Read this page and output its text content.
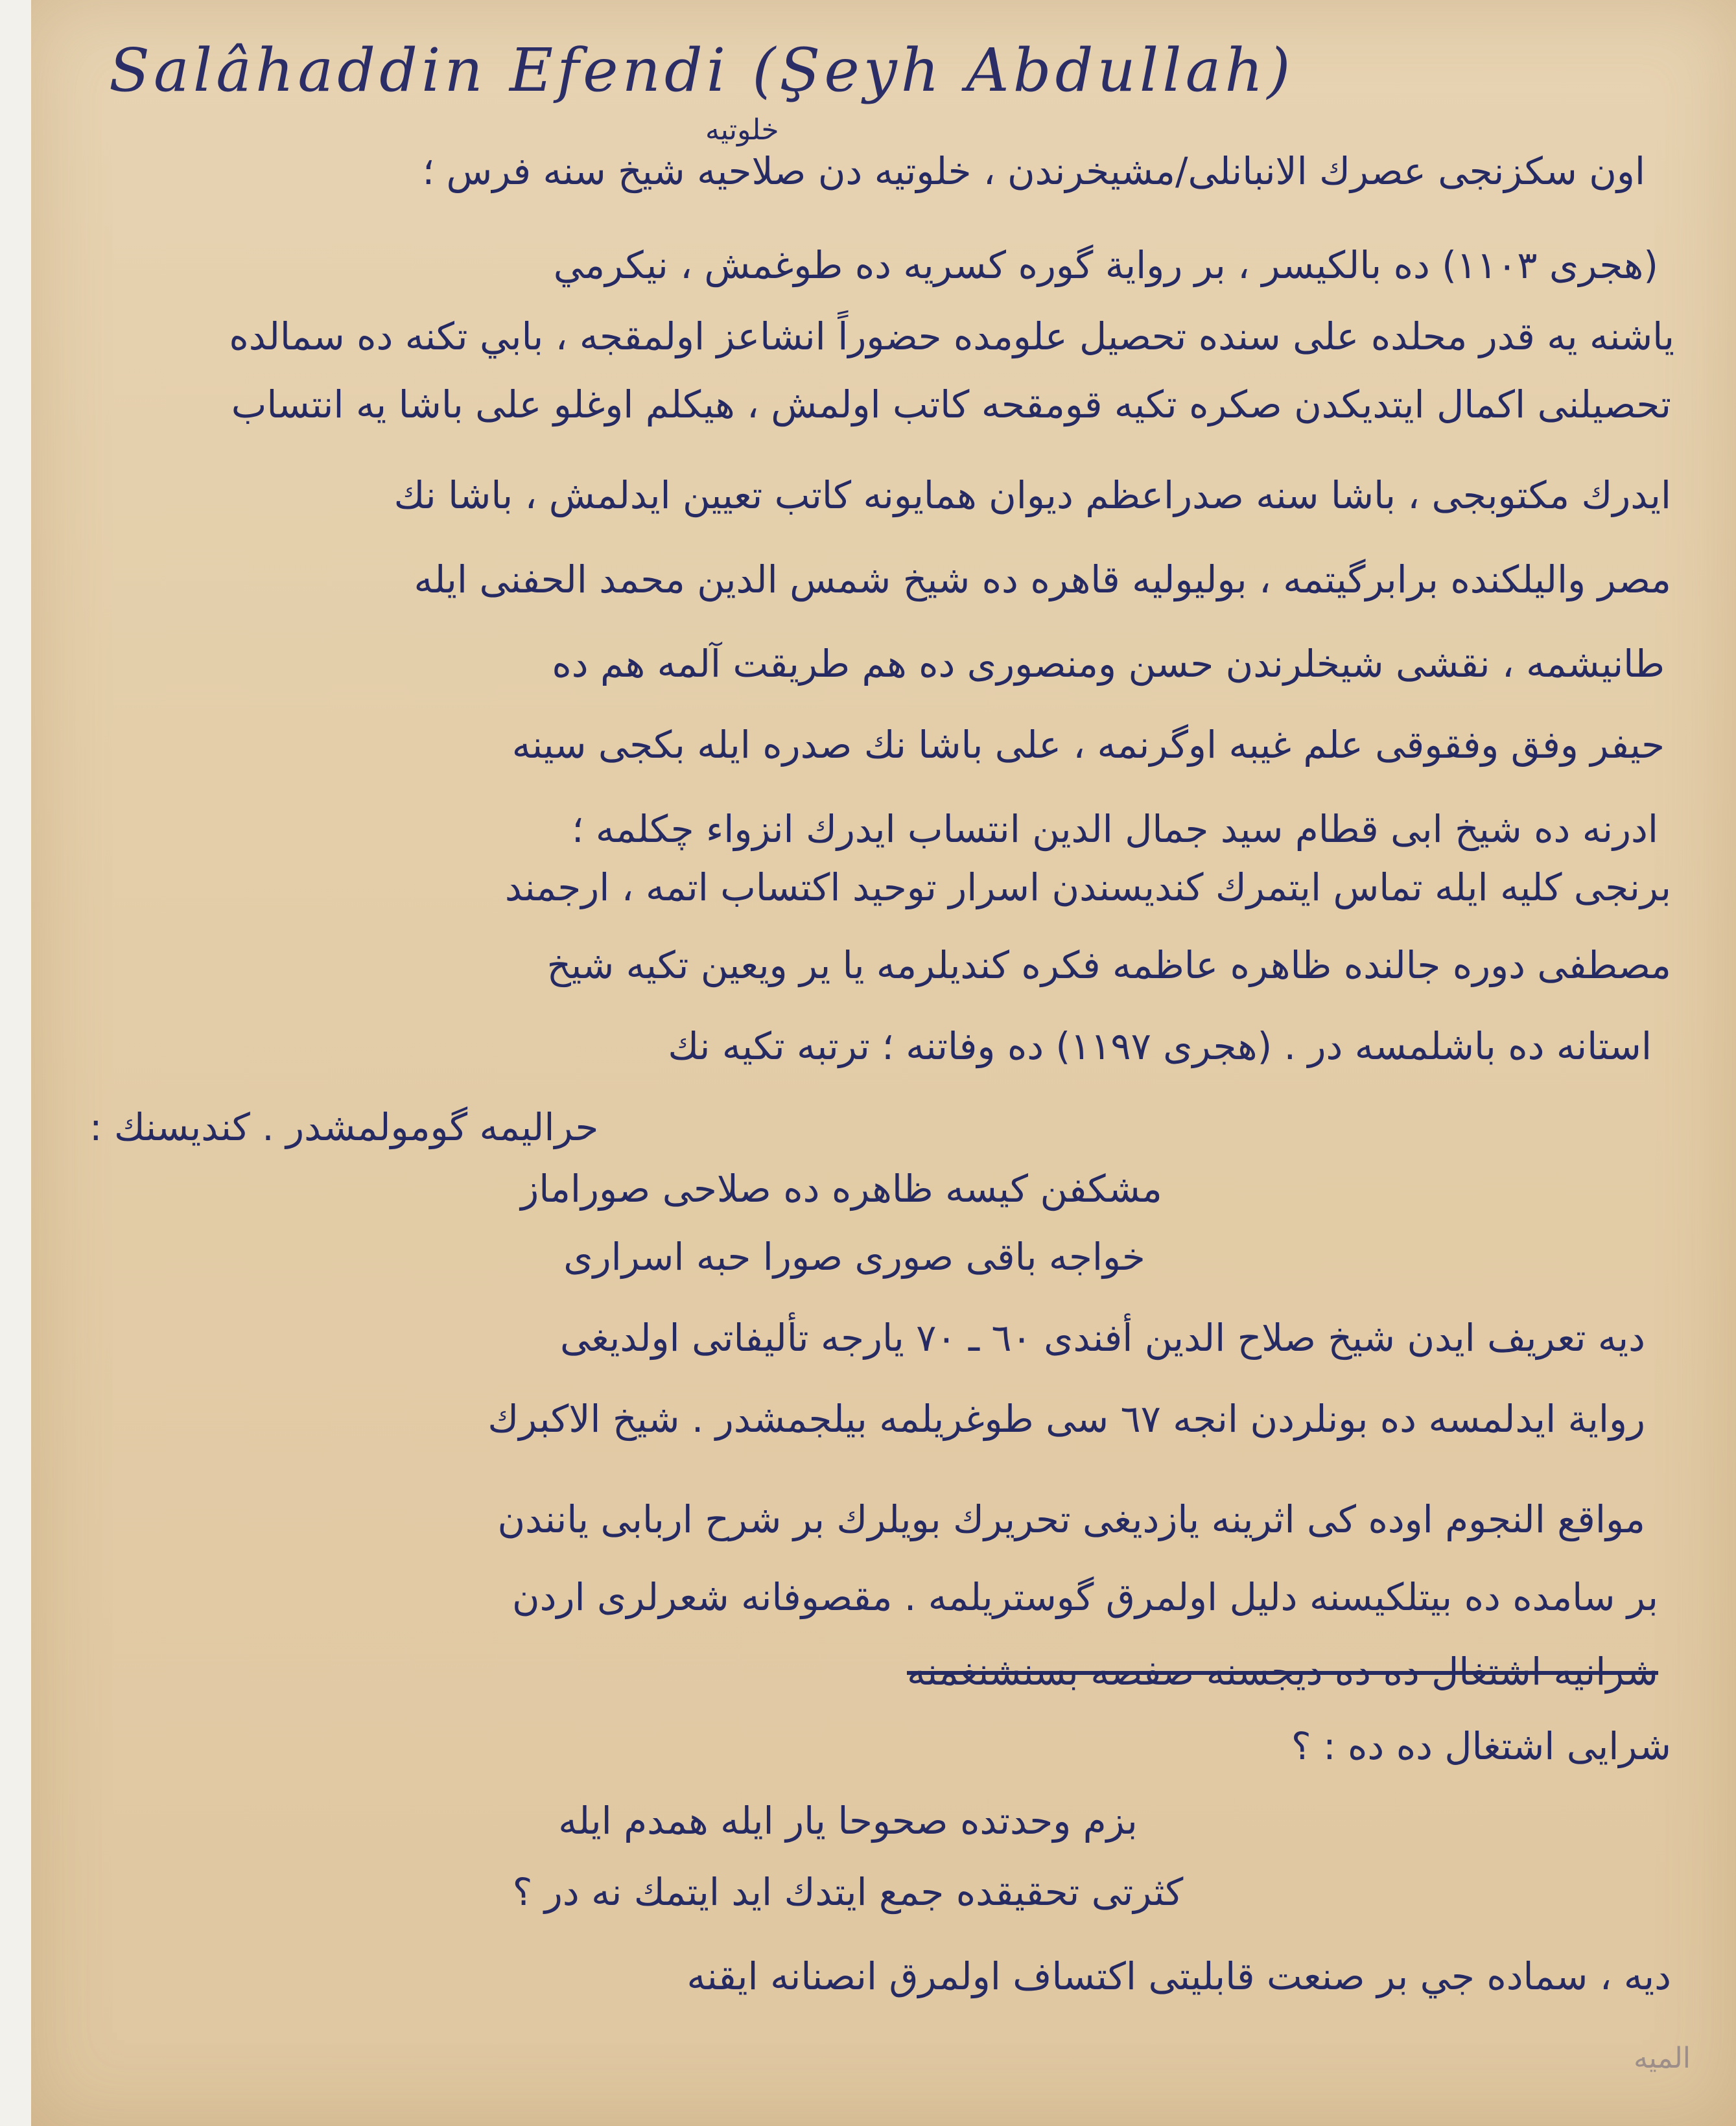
Salâhaddin Efendi (Şeyh Abdullah)
خلوتيه
اون سكزنجى عصرك الانبانلى/مشيخرندن ، خلوتيه دن صلاحيه شيخ سنه فرس ؛
(هجرى ١١٠٣) ده بالكيسر ، بر رواية گوره كسريه ده طوغمش ، نيكرمي
ياشنه يه قدر محلده على سنده تحصيل علومده حضوراً انشاعز اولمقجه ، بابي تكنه ده سمالده
تحصيلنى اكمال ايتديكدن صكره تكيه قومقحه كاتب اولمش ، هيكلم اوغلو على باشا يه انتساب
ايدرك مكتوبجى ، باشا سنه صدراعظم ديوان همايونه كاتب تعيين ايدلمش ، باشا نك
مصر واليلكنده برابرگيتمه ، بوليوليه قاهره ده شيخ شمس الدين محمد الحفنى ايله
طانيشمه ، نقشى شيخلرندن حسن ومنصورى ده هم طريقت آلمه هم ده
حيفر وفق وفقوقى علم غيبه اوگرنمه ، على باشا نك صدره ايله بكجى سينه
ادرنه ده شيخ ابى قطام سيد جمال الدين انتساب ايدرك انزواء چكلمه ؛
برنجى كليه ايله تماس ايتمرك كنديسندن اسرار توحيد اكتساب اتمه ، ارجمند
مصطفى دوره جالنده ظاهره عاظمه فكره كنديلرمه يا ير ويعين تكيه شيخ
استانه ده باشلمسه در . (هجرى ١١٩٧) ده وفاتنه ؛ ترتبه تكيه نك
حراليمه گومولمشدر . كنديسنك :
مشكفن كيسه ظاهره ده صلاحى صوراماز
خواجه باقى صورى صورا حبه اسرارى
ديه تعريف ايدن شيخ صلاح الدين أفندى ٦٠ ـ ٧٠ يارجه تأليفاتى اولديغى
رواية ايدلمسه ده بونلردن انجه ٦٧ سى طوغريلمه بيلجمشدر . شيخ الاكبرك
مواقع النجوم اوده كى اثرينه يازديغى تحريرك بويلرك بر شرح اربابى يانندن
بر سامده ده بيتلكيسنه دليل اولمرق گوستريلمه . مقصوفانه شعرلرى اردن
شرانيه اشتغال ده ده ديجسنه صفصه بسنشنغمنه
شرايى اشتغال ده ده : ؟
بزم وحدتده صحوحا يار ايله همدم ايله
كثرتى تحقيقده جمع ايتدك ايد ايتمك نه در ؟
ديه ، سماده جي بر صنعت قابليتى اكتساف اولمرق انصنانه ايقنه
الميه
